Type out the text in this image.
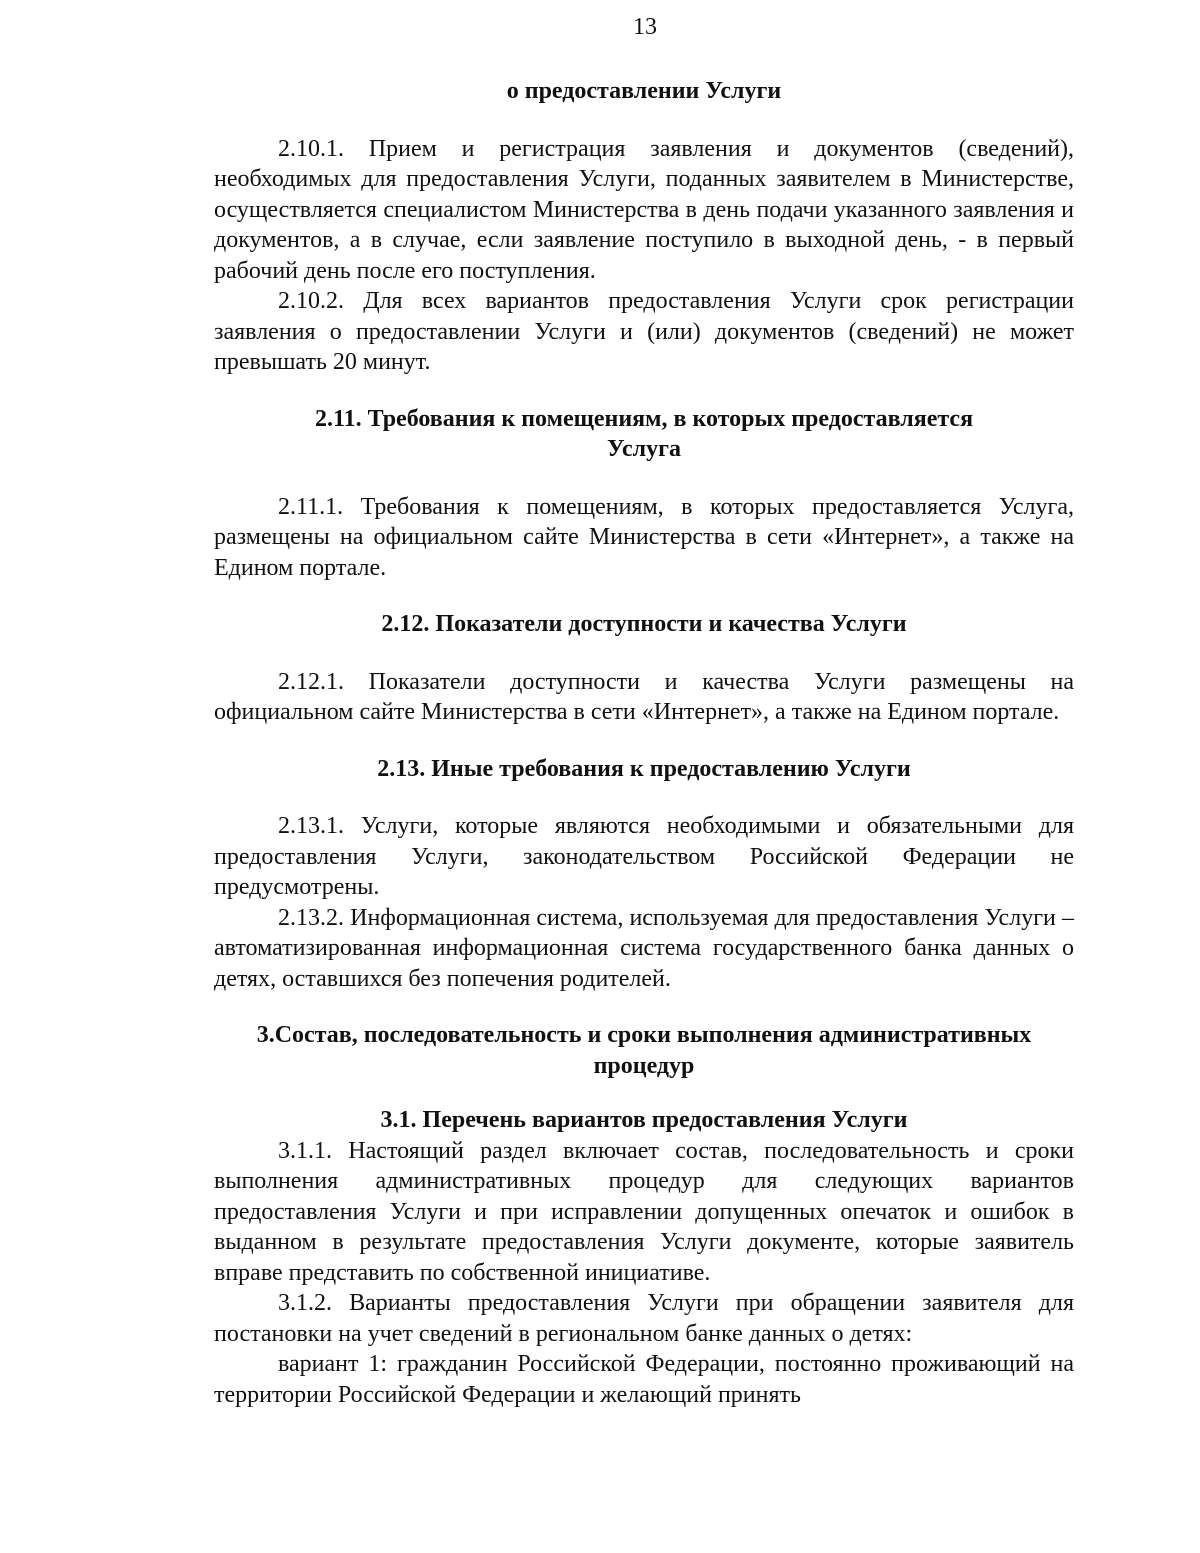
13

о предоставлении Услуги

2.10.1. Прием и регистрация заявления и документов (сведений), необходимых для предоставления Услуги, поданных заявителем в Министерстве, осуществляется специалистом Министерства в день подачи указанного заявления и документов, а в случае, если заявление поступило в выходной день, - в первый рабочий день после его поступления.

2.10.2. Для всех вариантов предоставления Услуги срок регистрации заявления о предоставлении Услуги и (или) документов (сведений) не может превышать 20 минут.

2.11. Требования к помещениям, в которых предоставляется Услуга

2.11.1. Требования к помещениям, в которых предоставляется Услуга, размещены на официальном сайте Министерства в сети «Интернет», а также на Едином портале.

2.12. Показатели доступности и качества Услуги

2.12.1. Показатели доступности и качества Услуги размещены на официальном сайте Министерства в сети «Интернет», а также на Едином портале.

2.13. Иные требования к предоставлению Услуги

2.13.1. Услуги, которые являются необходимыми и обязательными для предоставления Услуги, законодательством Российской Федерации не предусмотрены.

2.13.2. Информационная система, используемая для предоставления Услуги – автоматизированная информационная система государственного банка данных о детях, оставшихся без попечения родителей.

3.Состав, последовательность и сроки выполнения административных процедур

3.1. Перечень вариантов предоставления Услуги

3.1.1. Настоящий раздел включает состав, последовательность и сроки выполнения административных процедур для следующих вариантов предоставления Услуги и при исправлении допущенных опечаток и ошибок в выданном в результате предоставления Услуги документе, которые заявитель вправе представить по собственной инициативе.

3.1.2. Варианты предоставления Услуги при обращении заявителя для постановки на учет сведений в региональном банке данных о детях:

вариант 1: гражданин Российской Федерации, постоянно проживающий на территории Российской Федерации и желающий принять
